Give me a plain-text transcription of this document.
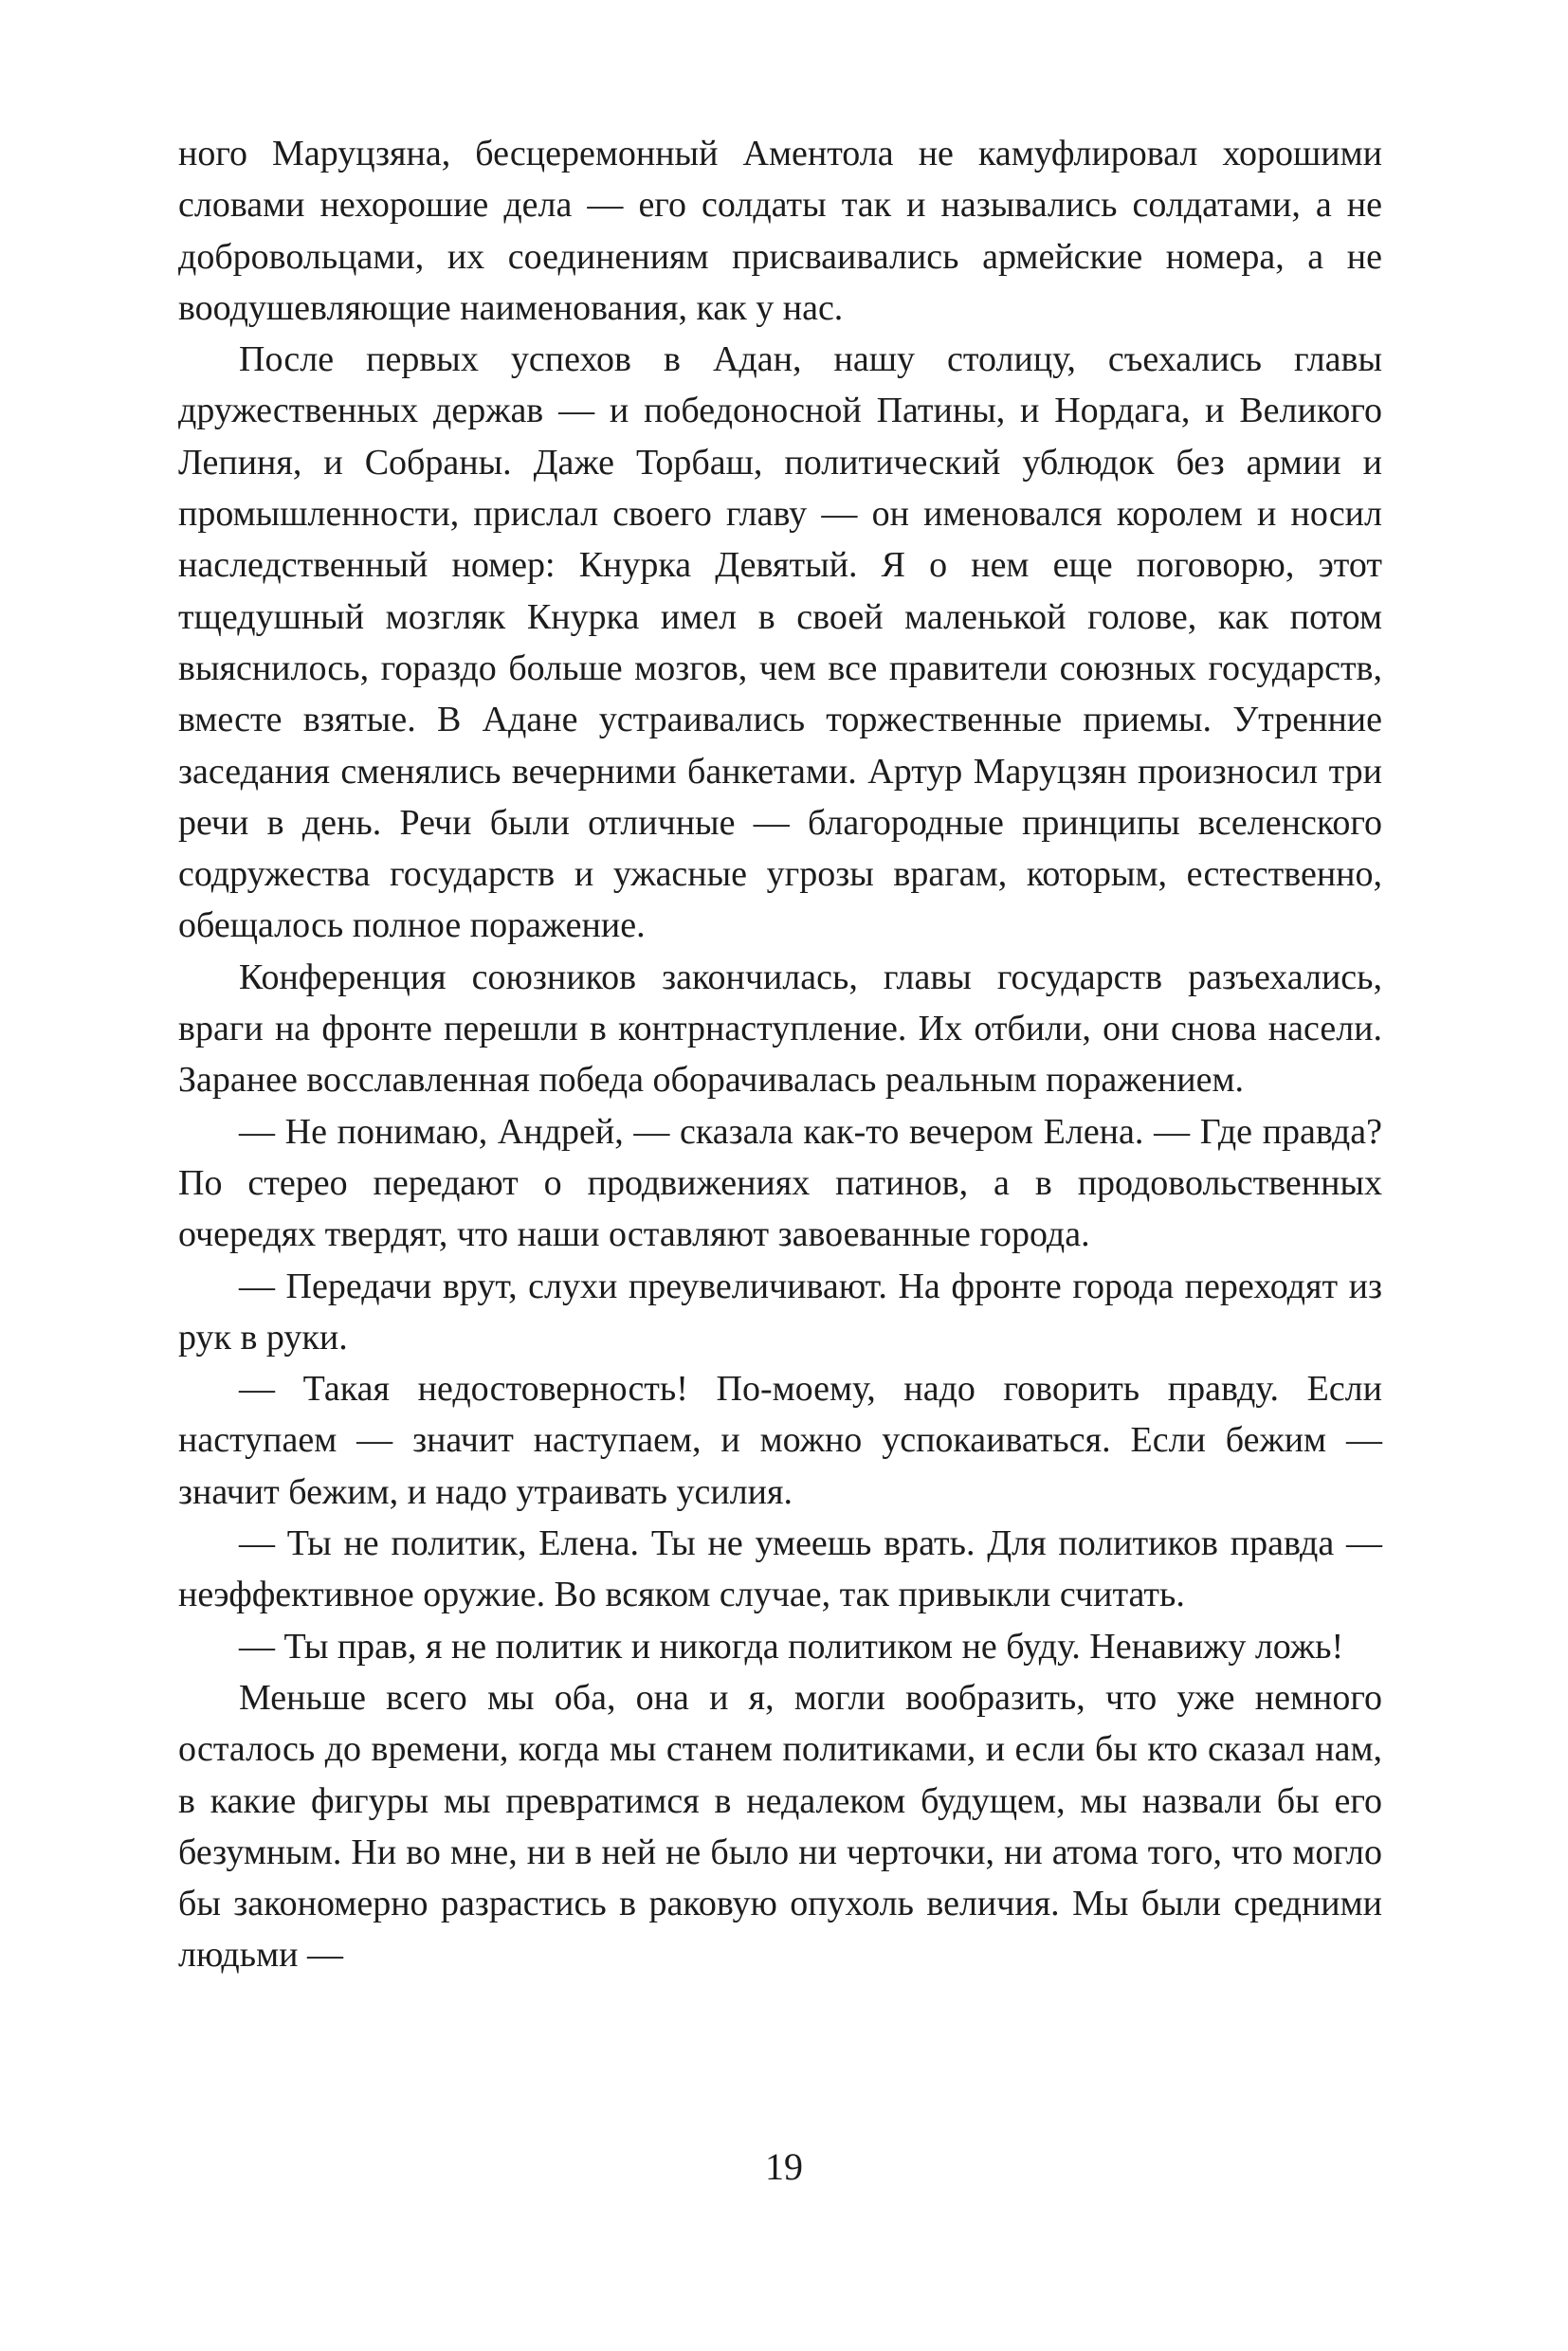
ного Маруцзяна, бесцеремонный Аментола не камуфлировал хорошими словами нехорошие дела — его солдаты так и назывались солдатами, а не добровольцами, их соединениям присваивались армейские номера, а не воодушевляющие наименования, как у нас.

После первых успехов в Адан, нашу столицу, съехались главы дружественных держав — и победоносной Патины, и Нордага, и Великого Лепиня, и Собраны. Даже Торбаш, политический ублюдок без армии и промышленности, прислал своего главу — он именовался королем и носил наследственный номер: Кнурка Девятый. Я о нем еще поговорю, этот тщедушный мозгляк Кнурка имел в своей маленькой голове, как потом выяснилось, гораздо больше мозгов, чем все правители союзных государств, вместе взятые. В Адане устраивались торжественные приемы. Утренние заседания сменялись вечерними банкетами. Артур Маруцзян произносил три речи в день. Речи были отличные — благородные принципы вселенского содружества государств и ужасные угрозы врагам, которым, естественно, обещалось полное поражение.

Конференция союзников закончилась, главы государств разъехались, враги на фронте перешли в контрнаступление. Их отбили, они снова насели. Заранее восславленная победа оборачивалась реальным поражением.

— Не понимаю, Андрей, — сказала как-то вечером Елена. — Где правда? По стерео передают о продвижениях патинов, а в продовольственных очередях твердят, что наши оставляют завоеванные города.

— Передачи врут, слухи преувеличивают. На фронте города переходят из рук в руки.

— Такая недостоверность! По-моему, надо говорить правду. Если наступаем — значит наступаем, и можно успокаиваться. Если бежим — значит бежим, и надо утраивать усилия.

— Ты не политик, Елена. Ты не умеешь врать. Для политиков правда — неэффективное оружие. Во всяком случае, так привыкли считать.

— Ты прав, я не политик и никогда политиком не буду. Ненавижу ложь!

Меньше всего мы оба, она и я, могли вообразить, что уже немного осталось до времени, когда мы станем политиками, и если бы кто сказал нам, в какие фигуры мы превратимся в недалеком будущем, мы назвали бы его безумным. Ни во мне, ни в ней не было ни черточки, ни атома того, что могло бы закономерно разрастись в раковую опухоль величия. Мы были средними людьми —

19
